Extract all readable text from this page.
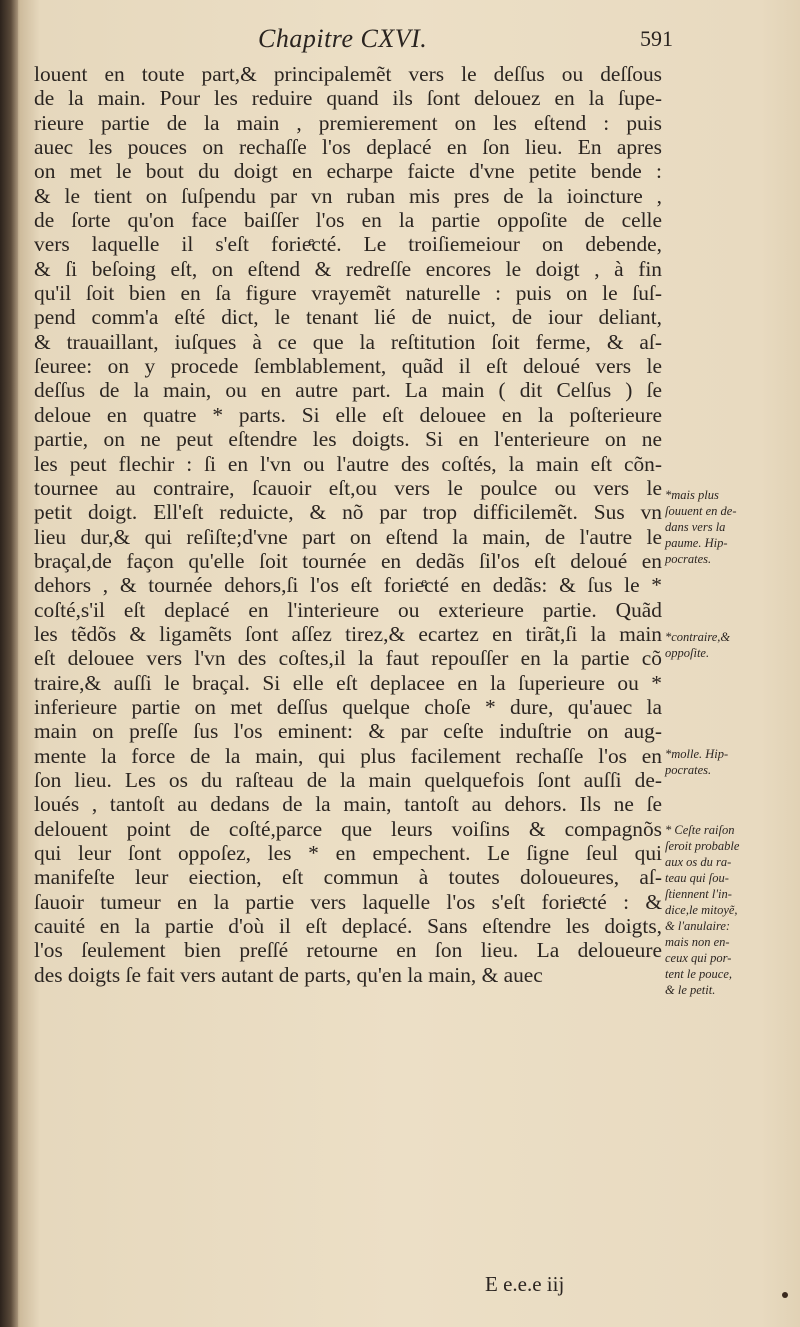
Chapitre CXVI.	591
louent en toute part,& principalemẽt vers le deſſus ou deſſous
de la main. Pour les reduire quand ils ſont delouez en la ſupe-
rieure partie de la main , premierement on les eſtend : puis
auec les pouces on rechaſſe l'os deplacé en ſon lieu. En apres
on met le bout du doigt en echarpe faicte d'vne petite bende :
& le tient on ſuſpendu par vn ruban mis pres de la ioincture ,
de ſorte qu'on face baiſſer l'os en la partie oppoſite de celle
vers laquelle il s'eſt forieͤcté. Le troiſiemeiour on debende,
& ſi beſoing eſt, on eſtend & redreſſe encores le doigt , à fin
qu'il ſoit bien en ſa figure vrayemẽt naturelle : puis on le ſuſ-
pend comm'a eſté dict, le tenant lié de nuict, de iour deliant,
& trauaillant, iuſques à ce que la reſtitution ſoit ferme, & aſ-
ſeuree: on y procede ſemblablement, quãd il eſt deloué vers le
deſſus de la main, ou en autre part. La main ( dit Celſus ) ſe
deloue en quatre * parts. Si elle eſt delouee en la poſterieure
partie, on ne peut eſtendre les doigts. Si en l'enterieure on ne
les peut flechir : ſi en l'vn ou l'autre des coſtés, la main eſt cõn-
tournee au contraire, ſcauoir eſt,ou vers le poulce ou vers le
petit doigt. Ell'eſt reduicte, & nõ par trop difficilemẽt. Sus vn
lieu dur,& qui reſiſte;d'vne part on eſtend la main, de l'autre le
braçal,de façon qu'elle ſoit tournée en dedãs ſil'os eſt deloué en
dehors , & tournée dehors,ſi l'os eſt forieͤcté en dedãs: & ſus le *
coſté,s'il eſt deplacé en l'interieure ou exterieure partie. Quãd
les tẽdõs & ligamẽts ſont aſſez tirez,& ecartez en tirãt,ſi la main
eſt delouee vers l'vn des coſtes,il la faut repouſſer en la partie cõ
traire,& auſſi le braçal. Si elle eſt deplacee en la ſuperieure ou *
inferieure partie on met deſſus quelque choſe * dure, qu'auec la
main on preſſe ſus l'os eminent: & par ceſte induſtrie on aug-
mente la force de la main, qui plus facilement rechaſſe l'os en
ſon lieu. Les os du raſteau de la main quelquefois ſont auſſi de-
loués , tantoſt au dedans de la main, tantoſt au dehors. Ils ne ſe
delouent point de coſté,parce que leurs voiſins & compagnõs
qui leur ſont oppoſez, les * en empechent. Le ſigne ſeul qui
manifeſte leur eiection, eſt commun à toutes doloueures, aſ-
ſauoir tumeur en la partie vers laquelle l'os s'eſt forieͤcté : &
cauité en la partie d'où il eſt deplacé. Sans eſtendre les doigts,
l'os ſeulement bien preſſé retourne en ſon lieu. La deloueure
des doigts ſe fait vers autant de parts, qu'en la main, & auec
*mais plus
ſouuent en de-
dans vers la
paume. Hip-
pocrates.
*contraire,&
oppoſite.
*molle. Hip-
pocrates.
* Ceſte raiſon
ſeroit probable
aux os du ra-
teau qui ſou-
ſtiennent l'in-
dice,le mitoyẽ,
& l'anulaire:
mais non en-
ceux qui por-
tent le pouce,
& le petit.
E e.e.e iij
